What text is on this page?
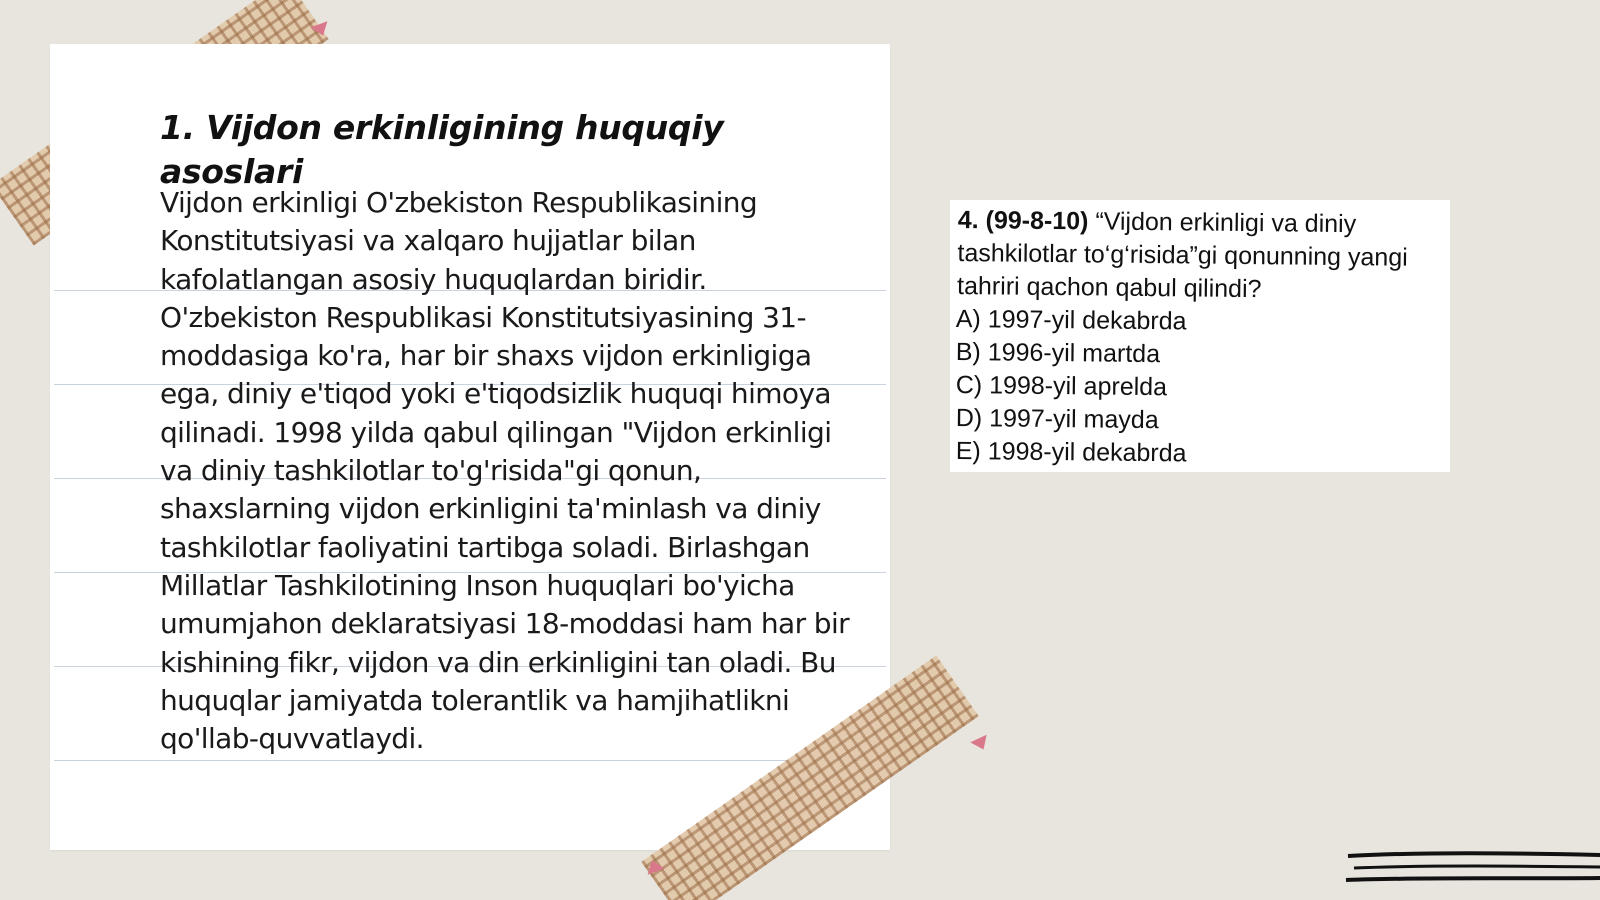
1. Vijdon erkinligining huquqiy asoslari

Vijdon erkinligi O'zbekiston Respublikasining Konstitutsiyasi va xalqaro hujjatlar bilan kafolatlangan asosiy huquqlardan biridir. O'zbekiston Respublikasi Konstitutsiyasining 31-moddasiga ko'ra, har bir shaxs vijdon erkinligiga ega, diniy e'tiqod yoki e'tiqodsizlik huquqi himoya qilinadi. 1998 yilda qabul qilingan "Vijdon erkinligi va diniy tashkilotlar to'g'risida"gi qonun, shaxslarning vijdon erkinligini ta'minlash va diniy tashkilotlar faoliyatini tartibga soladi. Birlashgan Millatlar Tashkilotining Inson huquqlari bo'yicha umumjahon deklaratsiyasi 18-moddasi ham har bir kishining fikr, vijdon va din erkinligini tan oladi. Bu huquqlar jamiyatda tolerantlik va hamjihatlikni qo'llab-quvvatlaydi.

4. (99-8-10) “Vijdon erkinligi va diniy tashkilotlar to‘g‘risida”gi qonunning yangi tahriri qachon qabul qilindi?

A) 1997-yil dekabrda
B) 1996-yil martda
C) 1998-yil aprelda
D) 1997-yil mayda
E) 1998-yil dekabrda
